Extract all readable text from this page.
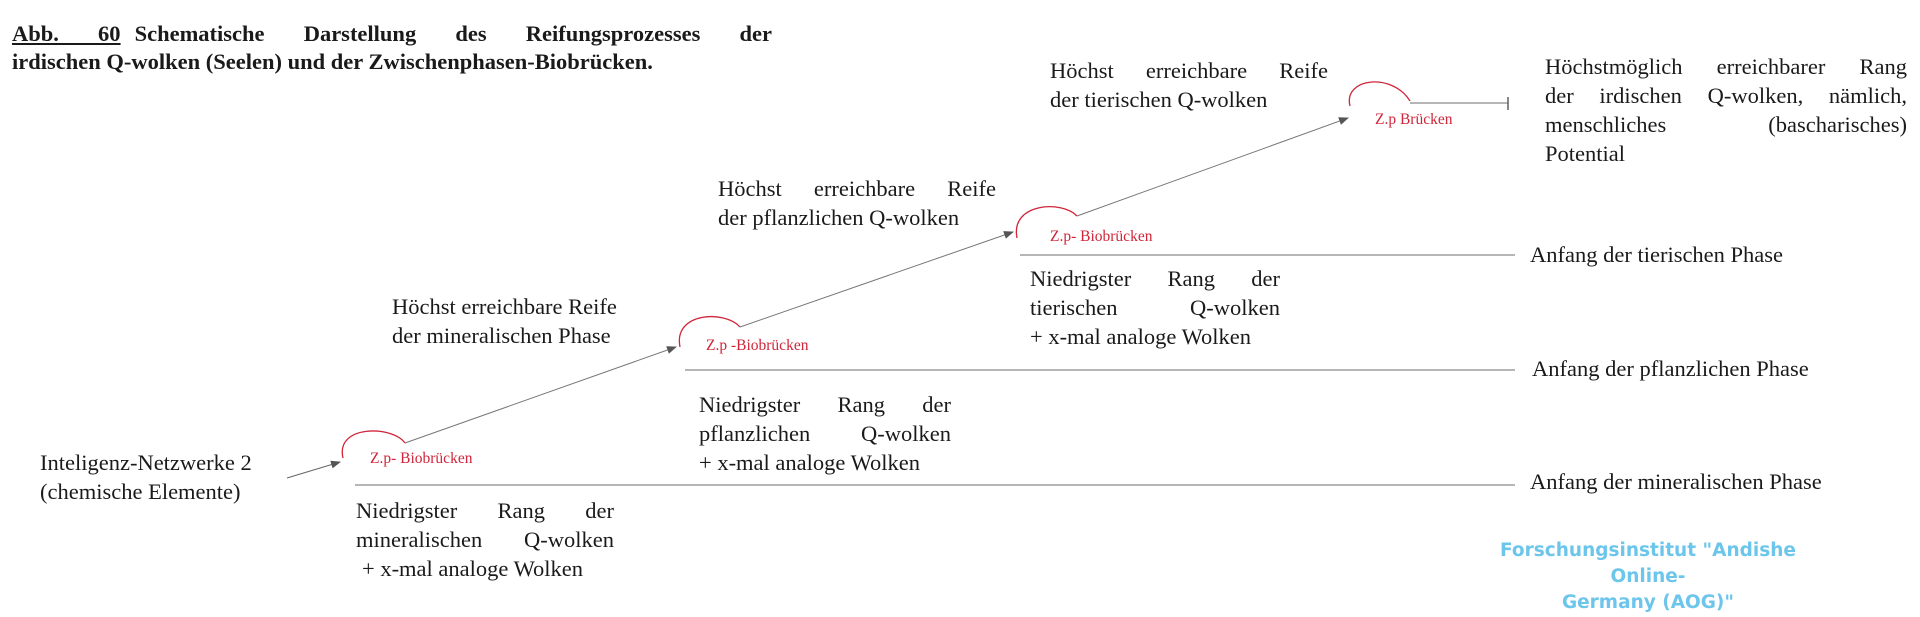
Abb. 60 Schematische Darstellung des Reifungsprozesses der
irdischen Q-wolken (Seelen) und der Zwischenphasen-Biobrücken.
Inteligenz-Netzwerke 2
(chemische Elemente)
Z.p- Biobrücken
Z.p -Biobrücken
Z.p- Biobrücken
Z.p Brücken
Niedrigster Rang der
mineralischen Q-wolken
+ x-mal analoge Wolken
Höchst erreichbare Reife
der mineralischen Phase
Anfang der mineralischen Phase
Niedrigster Rang der
pflanzlichen Q-wolken
+ x-mal analoge Wolken
Höchst erreichbare Reife
der pflanzlichen Q-wolken
Anfang der pflanzlichen Phase
Niedrigster Rang der
tierischen Q-wolken
+ x-mal analoge Wolken
Höchst erreichbare Reife
der tierischen Q-wolken
Anfang der tierischen Phase
Höchstmöglich erreichbarer Rang
der irdischen Q-wolken, nämlich,
menschliches (bascharisches)
Potential
Forschungsinstitut "Andishe Online-
Germany (AOG)"
